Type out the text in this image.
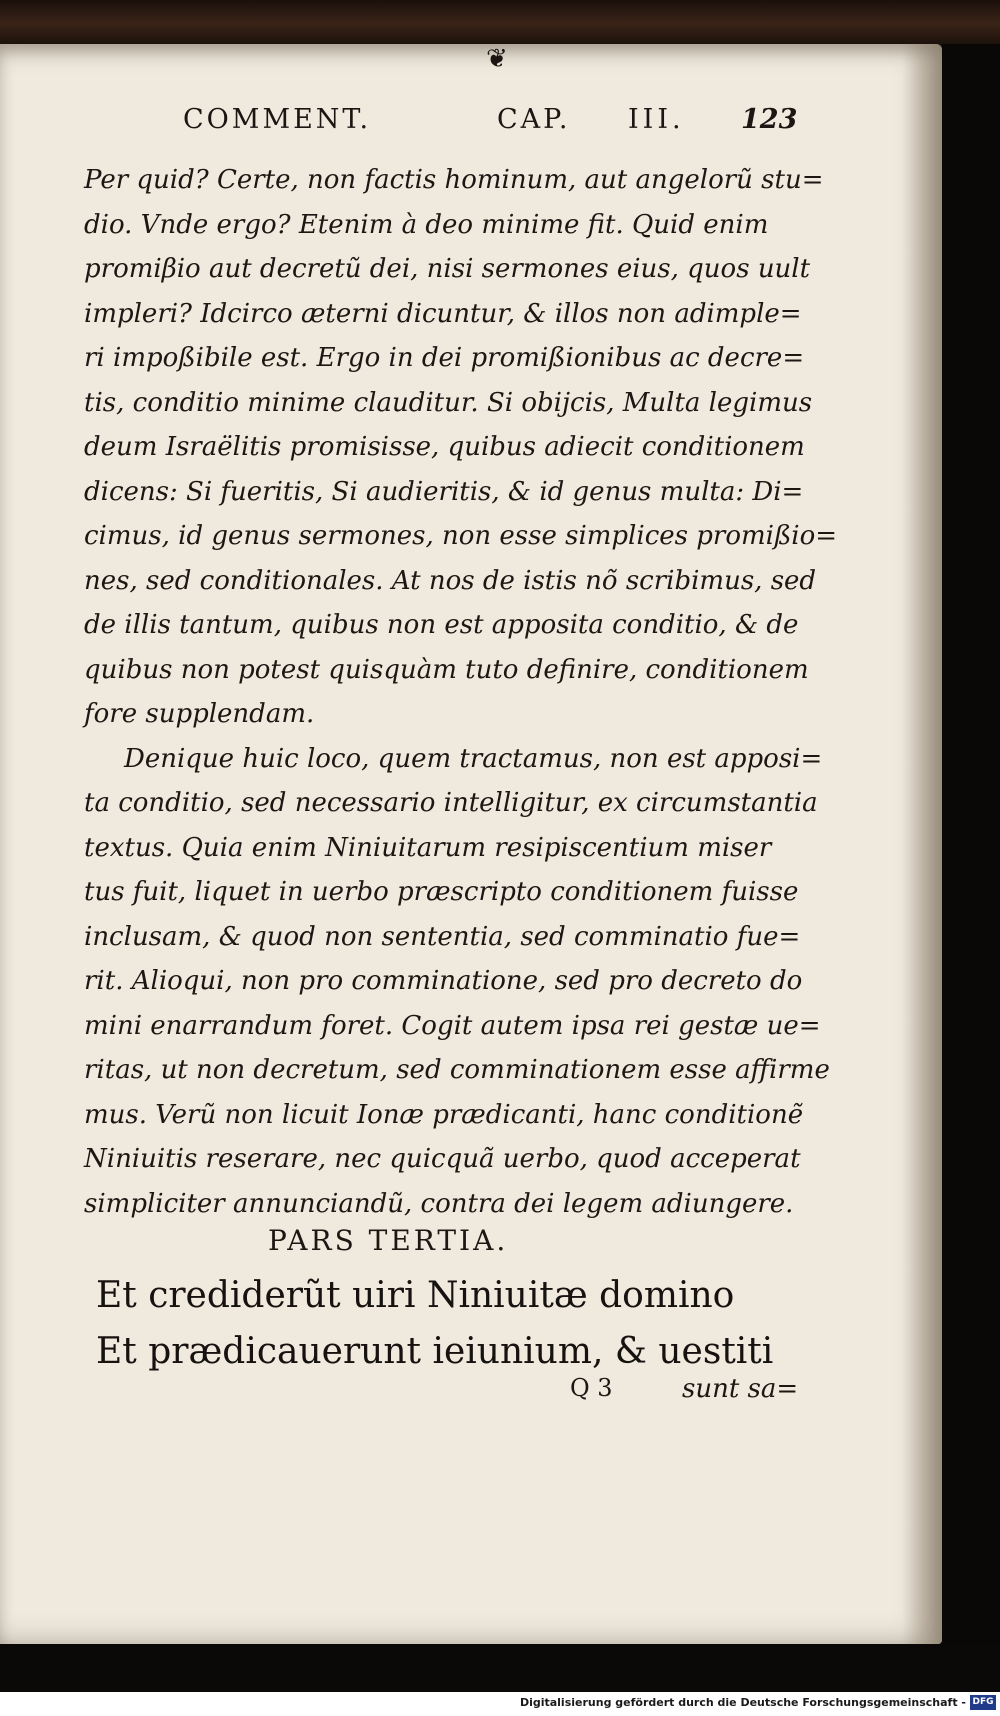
❦
COMMENT.	CAP. III. 123
Per quid? Certe, non factis hominum, aut angelorũ stu=
dio. Vnde ergo? Etenim à deo minime fit. Quid enim
promiβio aut decretũ dei, nisi sermones eius, quos uult
impleri? Idcirco æterni dicuntur, & illos non adimple=
ri impoßibile est. Ergo in dei promißionibus ac decre=
tis, conditio minime clauditur. Si obijcis, Multa legimus
deum Israëlitis promisisse, quibus adiecit conditionem
dicens: Si fueritis, Si audieritis, & id genus multa: Di=
cimus, id genus sermones, non esse simplices promißio=
nes, sed conditionales. At nos de istis nõ scribimus, sed
de illis tantum, quibus non est apposita conditio, & de
quibus non potest quisquàm tuto definire, conditionem
fore supplendam.
Denique huic loco, quem tractamus, non est apposi=
ta conditio, sed necessario intelligitur, ex circumstantia
textus. Quia enim Niniuitarum resipiscentium miser
tus fuit, liquet in uerbo præscripto conditionem fuisse
inclusam, & quod non sententia, sed comminatio fue=
rit. Alioqui, non pro comminatione, sed pro decreto do
mini enarrandum foret. Cogit autem ipsa rei gestæ ue=
ritas, ut non decretum, sed comminationem esse affirme
mus. Verũ non licuit Ionæ prædicanti, hanc conditionẽ
Niniuitis reserare, nec quicquã uerbo, quod acceperat
simpliciter annunciandũ, contra dei legem adiungere.
PARS TERTIA.
Et crediderũt uiri Niniuitæ domino
Et prædicauerunt ieiunium, & uestiti
Q 3	sunt sa=
Digitalisierung gefördert durch die Deutsche Forschungsgemeinschaft - DFG
